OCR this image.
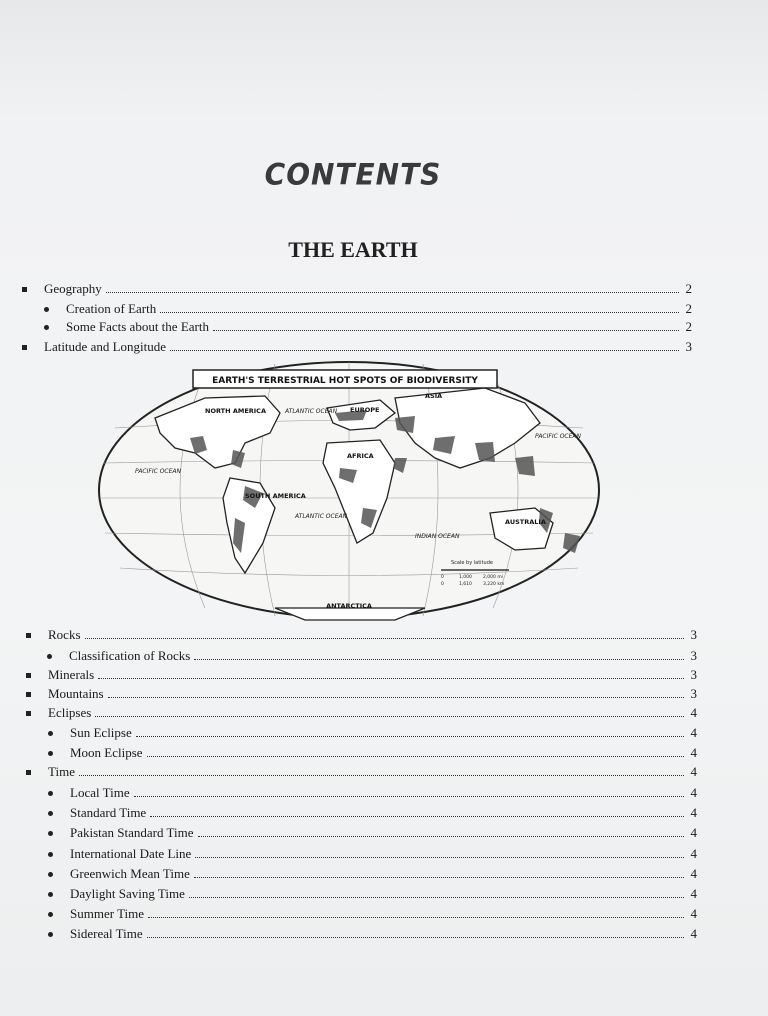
CONTENTS
THE EARTH
Geography	2
Creation of Earth	2
Some Facts about the Earth	2
Latitude and Longitude	3
Rocks	3
Classification of Rocks	3
Minerals	3
Mountains	3
Eclipses	4
Sun Eclipse	4
Moon Eclipse	4
Time	4
Local Time	4
Standard Time	4
Pakistan Standard Time	4
International Date Line	4
Greenwich Mean Time	4
Daylight Saving Time	4
Summer Time	4
Sidereal Time	4
EARTH'S TERRESTRIAL HOT SPOTS OF BIODIVERSITY
NORTH AMERICA
SOUTH AMERICA
EUROPE
AFRICA
ASIA
AUSTRALIA
ANTARCTICA
ATLANTIC OCEAN
PACIFIC OCEAN
ATLANTIC OCEAN
INDIAN OCEAN
PACIFIC OCEAN
Scale by latitude
0	1,000 2,000 mi
0	1,610 3,220 km
